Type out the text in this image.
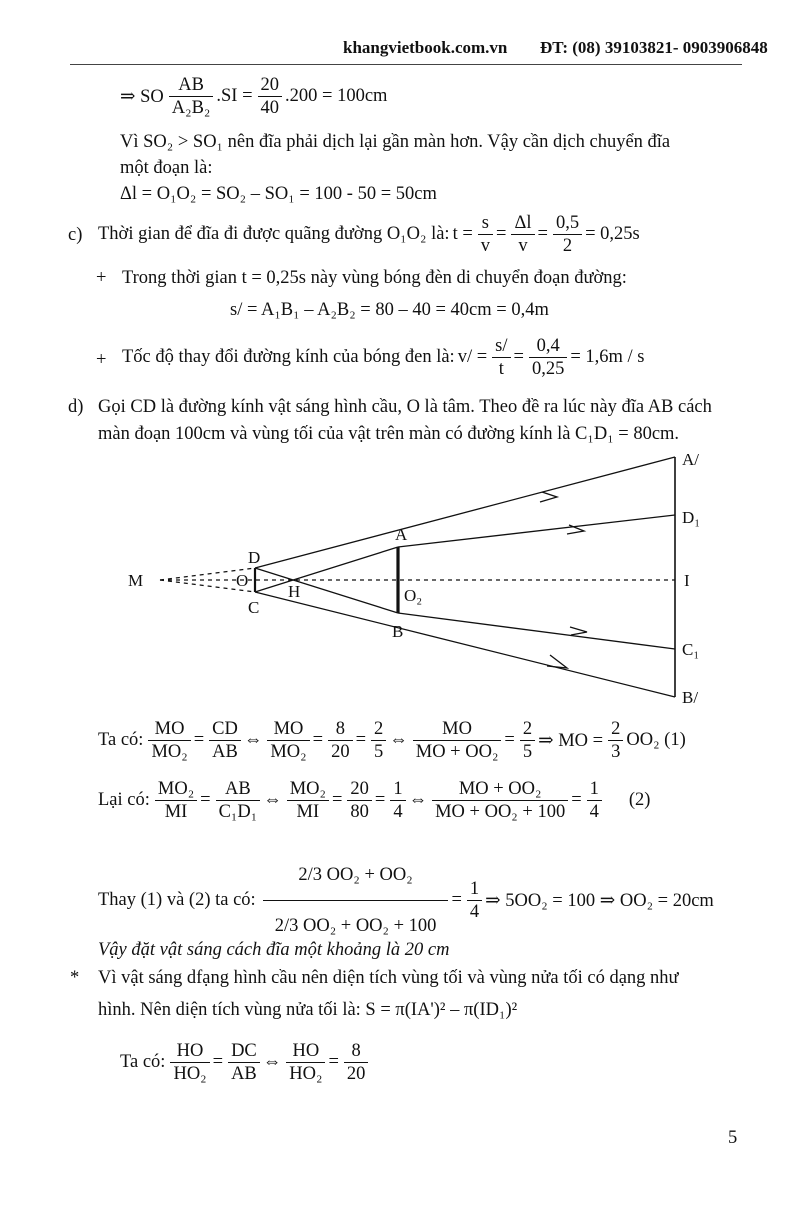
khangvietbook.com.vn ĐT: (08) 39103821- 0903906848
⇒ SO $\frac{AB}{\text{A₂B₂}} .SI = \frac{20}{40} .200 = 100cm$
Vì SO₂ > SO₁ nên đĩa phải dịch lại gần màn hơn. Vậy cần dịch chuyển đĩa
một đoạn là:
Δl = O₁O₂ = SO₂ – SO₁ = 100 - 50 = 50cm
c) Thời gian để đĩa đi được quãng đường O₁O₂ là: $t = \frac{s}{v} = \frac{\Delta l}{v} = \frac{0,5}{2} = 0,25s$
+ Trong thời gian t = 0,25s này vùng bóng đèn di chuyển đoạn đường:
s/ = A₁B₁ – A₂B₂ = 80 – 40 = 40cm = 0,4m
+ Tốc độ thay đổi đường kính của bóng đen là: $v/ = \frac{s/}{t} = \frac{0,4}{0,25} = 1,6m / s$
d) Gọi CD là đường kính vật sáng hình cầu, O là tâm. Theo đề ra lúc này đĩa AB cách
màn đoạn 100cm và vùng tối của vật trên màn có đường kính là C₁D₁ = 80cm.
M
D
O
C
H
A
B
O₂
A/
D₁
I
C₁
B/
Ta có: $\frac{MO}{\text{MO₂}} = \frac{CD}{AB}$ ⇔ $\frac{MO}{\text{MO₂}} = \frac{8}{20} = \frac{2}{5}$ ⇔ $\frac{MO}{\text{MO + OO₂}} = \frac{2}{5}$ ⇒ MO = $\frac{2}{3} OO_2$ (1)
Lại có: $\frac{\text{MO₂}}{MI} = \frac{AB}{\text{C₁D₁}}$ ⇔ $\frac{\text{MO₂}}{MI} = \frac{20}{80} = \frac{1}{4}$ ⇔ $\frac{\text{MO + OO₂}}{\text{MO + OO₂ + 100}} = \frac{1}{4} (2)$
Thay (1) và (2) ta có: $\frac{\text{2/3 OO₂ + OO₂}}{\text{2/3 OO₂ + OO₂ + 100}} = \frac{1}{4}$ ⇒ 5OO₂ = 100 ⇒ OO₂ = 20cm
Vậy đặt vật sáng cách đĩa một khoảng là 20 cm
* Vì vật sáng dfạng hình cầu nên diện tích vùng tối và vùng nửa tối có dạng như
hình. Nên diện tích vùng nửa tối là: S = π(IA')² – π(ID₁)²
Ta có: $\frac{HO}{\text{HO₂}} = \frac{DC}{AB}$ ⇔ $\frac{HO}{\text{HO₂}} = \frac{8}{20}$
5
